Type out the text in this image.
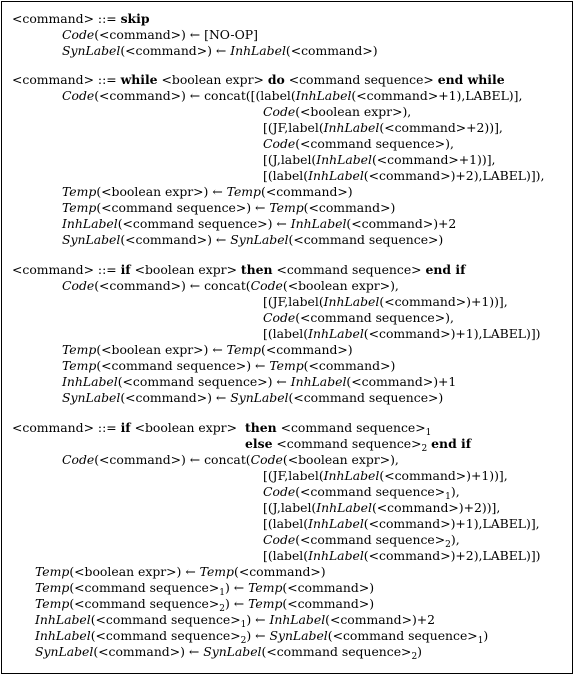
<command> ::= skip
Code(<command>) ← [NO-OP]
SynLabel(<command>) ← InhLabel(<command>)
<command> ::= while <boolean expr> do <command sequence> end while
Code(<command>) ← concat([(label(InhLabel(<command>+1),LABEL)],
Code(<boolean expr>),
[(JF,label(InhLabel(<command>+2))],
Code(<command sequence>),
[(J,label(InhLabel(<command>+1))],
[(label(InhLabel(<command>)+2),LABEL)]),
Temp(<boolean expr>) ← Temp(<command>)
Temp(<command sequence>) ← Temp(<command>)
InhLabel(<command sequence>) ← InhLabel(<command>)+2
SynLabel(<command>) ← SynLabel(<command sequence>)
<command> ::= if <boolean expr> then <command sequence> end if
Code(<command>) ← concat(Code(<boolean expr>),
[(JF,label(InhLabel(<command>)+1))],
Code(<command sequence>),
[(label(InhLabel(<command>)+1),LABEL)])
Temp(<boolean expr>) ← Temp(<command>)
Temp(<command sequence>) ← Temp(<command>)
InhLabel(<command sequence>) ← InhLabel(<command>)+1
SynLabel(<command>) ← SynLabel(<command sequence>)
<command> ::= if <boolean expr> then <command $sequence>_1$
else <command $sequence>_2$ end if
Code(<command>) ← concat(Code(<boolean expr>),
[(JF,label(InhLabel(<command>)+1))],
Code(<command $sequence>_1$),
[(J,label(InhLabel(<command>)+2))],
[(label(InhLabel(<command>)+1),LABEL)],
Code(<command $sequence>_2$),
[(label(InhLabel(<command>)+2),LABEL)])
Temp(<boolean expr>) ← Temp(<command>)
Temp(<command $sequence>_1$) ← Temp(<command>)
Temp(<command $sequence>_2$) ← Temp(<command>)
InhLabel(<command $sequence>_1$) ← InhLabel(<command>)+2
InhLabel(<command $sequence>_2$) ← SynLabel(<command $sequence>_1$)
SynLabel(<command>) ← SynLabel(<command $sequence>_2$)
